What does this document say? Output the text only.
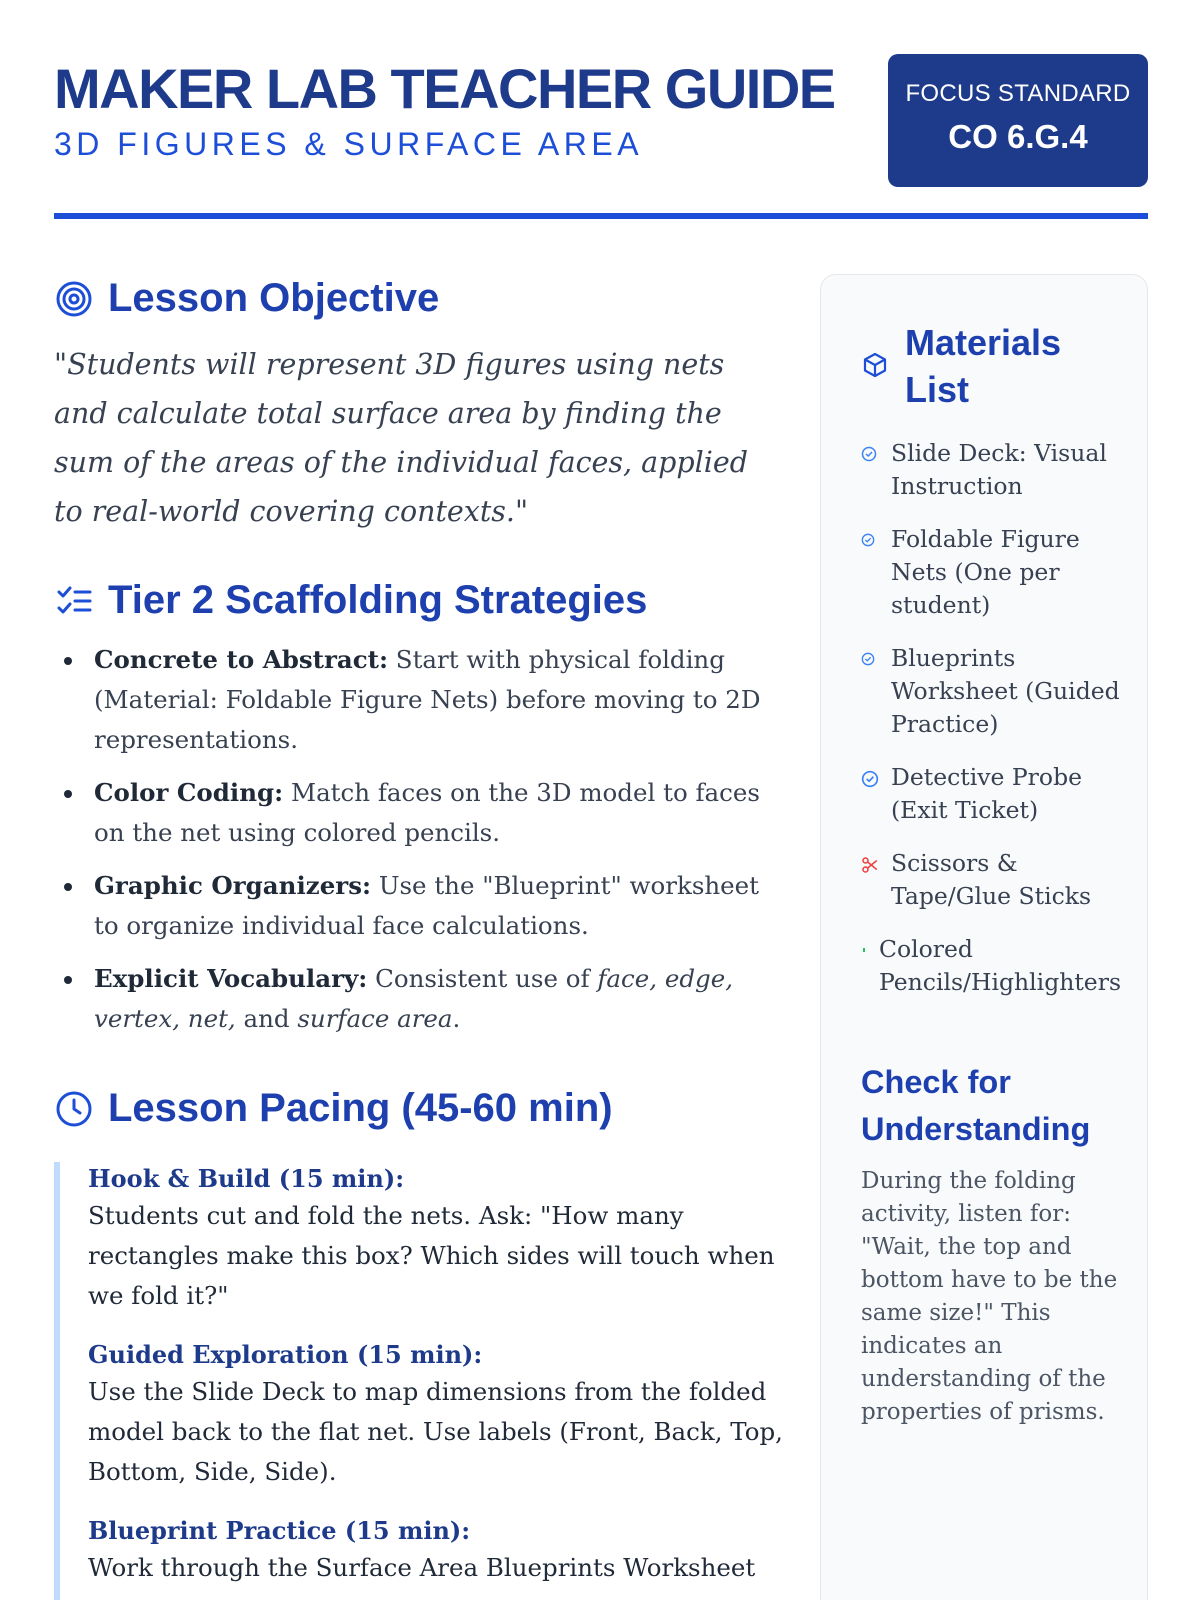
MAKER LAB TEACHER GUIDE
3D FIGURES & SURFACE AREA
FOCUS STANDARD
CO 6.G.4
Lesson Objective
"Students will represent 3D figures using nets and calculate total surface area by finding the sum of the areas of the individual faces, applied to real-world covering contexts."
Tier 2 Scaffolding Strategies
Concrete to Abstract: Start with physical folding (Material: Foldable Figure Nets) before moving to 2D representations.
Color Coding: Match faces on the 3D model to faces on the net using colored pencils.
Graphic Organizers: Use the "Blueprint" worksheet to organize individual face calculations.
Explicit Vocabulary: Consistent use of face, edge, vertex, net, and surface area.
Lesson Pacing (45-60 min)
Hook & Build (15 min):
Students cut and fold the nets. Ask: "How many rectangles make this box? Which sides will touch when we fold it?"
Guided Exploration (15 min):
Use the Slide Deck to map dimensions from the folded model back to the flat net. Use labels (Front, Back, Top, Bottom, Side, Side).
Blueprint Practice (15 min):
Work through the Surface Area Blueprints Worksheet
Materials List
Slide Deck: Visual Instruction
Foldable Figure Nets (One per student)
Blueprints Worksheet (Guided Practice)
Detective Probe (Exit Ticket)
Scissors & Tape/Glue Sticks
Colored Pencils/Highlighters
Check for Understanding
During the folding activity, listen for: "Wait, the top and bottom have to be the same size!" This indicates an understanding of the properties of prisms.
